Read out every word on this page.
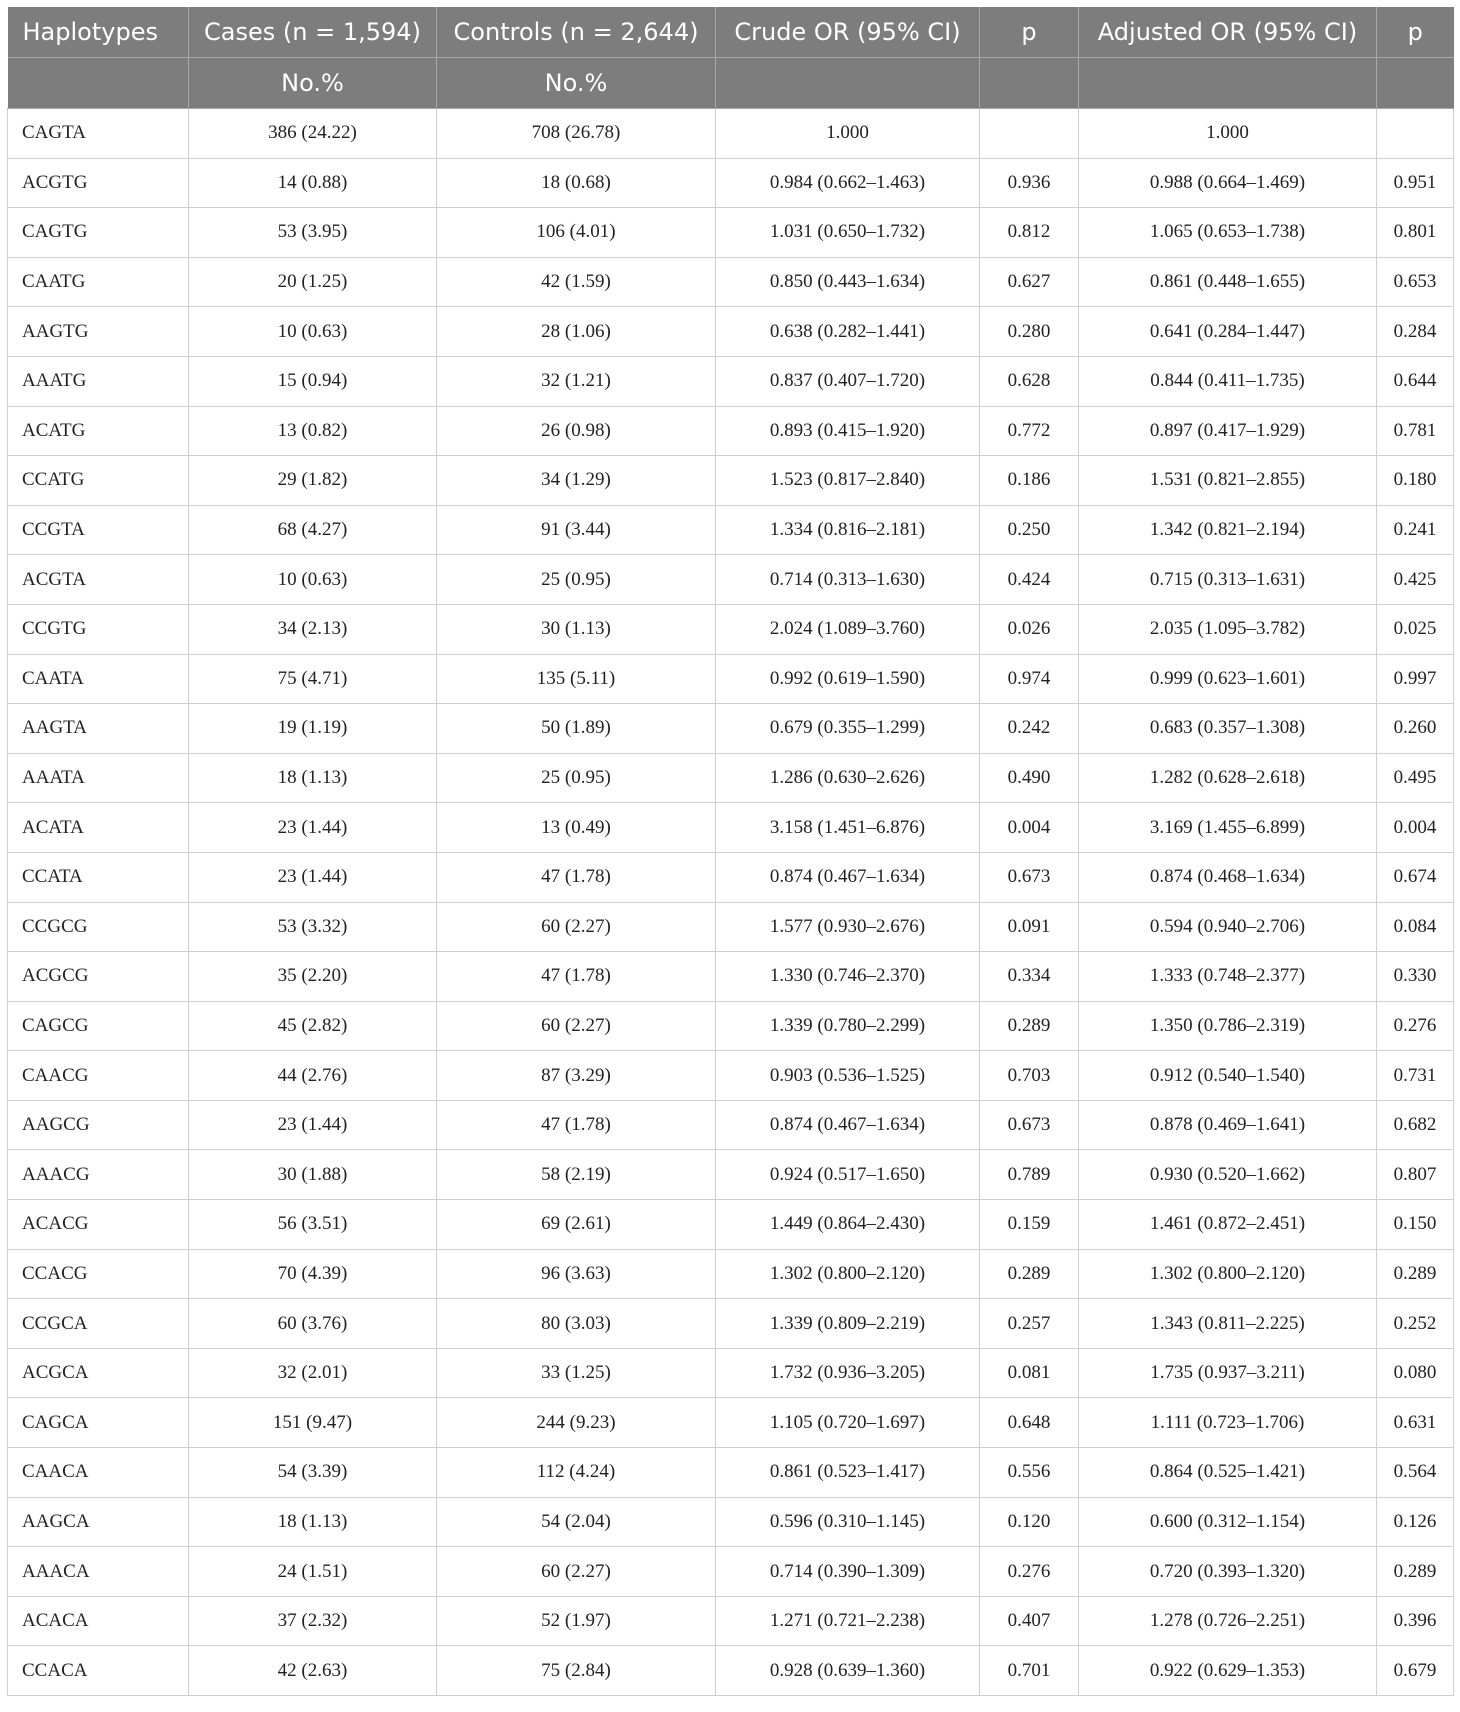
Haplotypes	Cases (n = 1,594)	Controls (n = 2,644)	Crude OR (95% CI)	p	Adjusted OR (95% CI)	p
	No.%	No.%				
CAGTA	386 (24.22)	708 (26.78)	1.000		1.000	
ACGTG	14 (0.88)	18 (0.68)	0.984 (0.662–1.463)	0.936	0.988 (0.664–1.469)	0.951
CAGTG	53 (3.95)	106 (4.01)	1.031 (0.650–1.732)	0.812	1.065 (0.653–1.738)	0.801
CAATG	20 (1.25)	42 (1.59)	0.850 (0.443–1.634)	0.627	0.861 (0.448–1.655)	0.653
AAGTG	10 (0.63)	28 (1.06)	0.638 (0.282–1.441)	0.280	0.641 (0.284–1.447)	0.284
AAATG	15 (0.94)	32 (1.21)	0.837 (0.407–1.720)	0.628	0.844 (0.411–1.735)	0.644
ACATG	13 (0.82)	26 (0.98)	0.893 (0.415–1.920)	0.772	0.897 (0.417–1.929)	0.781
CCATG	29 (1.82)	34 (1.29)	1.523 (0.817–2.840)	0.186	1.531 (0.821–2.855)	0.180
CCGTA	68 (4.27)	91 (3.44)	1.334 (0.816–2.181)	0.250	1.342 (0.821–2.194)	0.241
ACGTA	10 (0.63)	25 (0.95)	0.714 (0.313–1.630)	0.424	0.715 (0.313–1.631)	0.425
CCGTG	34 (2.13)	30 (1.13)	2.024 (1.089–3.760)	0.026	2.035 (1.095–3.782)	0.025
CAATA	75 (4.71)	135 (5.11)	0.992 (0.619–1.590)	0.974	0.999 (0.623–1.601)	0.997
AAGTA	19 (1.19)	50 (1.89)	0.679 (0.355–1.299)	0.242	0.683 (0.357–1.308)	0.260
AAATA	18 (1.13)	25 (0.95)	1.286 (0.630–2.626)	0.490	1.282 (0.628–2.618)	0.495
ACATA	23 (1.44)	13 (0.49)	3.158 (1.451–6.876)	0.004	3.169 (1.455–6.899)	0.004
CCATA	23 (1.44)	47 (1.78)	0.874 (0.467–1.634)	0.673	0.874 (0.468–1.634)	0.674
CCGCG	53 (3.32)	60 (2.27)	1.577 (0.930–2.676)	0.091	0.594 (0.940–2.706)	0.084
ACGCG	35 (2.20)	47 (1.78)	1.330 (0.746–2.370)	0.334	1.333 (0.748–2.377)	0.330
CAGCG	45 (2.82)	60 (2.27)	1.339 (0.780–2.299)	0.289	1.350 (0.786–2.319)	0.276
CAACG	44 (2.76)	87 (3.29)	0.903 (0.536–1.525)	0.703	0.912 (0.540–1.540)	0.731
AAGCG	23 (1.44)	47 (1.78)	0.874 (0.467–1.634)	0.673	0.878 (0.469–1.641)	0.682
AAACG	30 (1.88)	58 (2.19)	0.924 (0.517–1.650)	0.789	0.930 (0.520–1.662)	0.807
ACACG	56 (3.51)	69 (2.61)	1.449 (0.864–2.430)	0.159	1.461 (0.872–2.451)	0.150
CCACG	70 (4.39)	96 (3.63)	1.302 (0.800–2.120)	0.289	1.302 (0.800–2.120)	0.289
CCGCA	60 (3.76)	80 (3.03)	1.339 (0.809–2.219)	0.257	1.343 (0.811–2.225)	0.252
ACGCA	32 (2.01)	33 (1.25)	1.732 (0.936–3.205)	0.081	1.735 (0.937–3.211)	0.080
CAGCA	151 (9.47)	244 (9.23)	1.105 (0.720–1.697)	0.648	1.111 (0.723–1.706)	0.631
CAACA	54 (3.39)	112 (4.24)	0.861 (0.523–1.417)	0.556	0.864 (0.525–1.421)	0.564
AAGCA	18 (1.13)	54 (2.04)	0.596 (0.310–1.145)	0.120	0.600 (0.312–1.154)	0.126
AAACA	24 (1.51)	60 (2.27)	0.714 (0.390–1.309)	0.276	0.720 (0.393–1.320)	0.289
ACACA	37 (2.32)	52 (1.97)	1.271 (0.721–2.238)	0.407	1.278 (0.726–2.251)	0.396
CCACA	42 (2.63)	75 (2.84)	0.928 (0.639–1.360)	0.701	0.922 (0.629–1.353)	0.679
